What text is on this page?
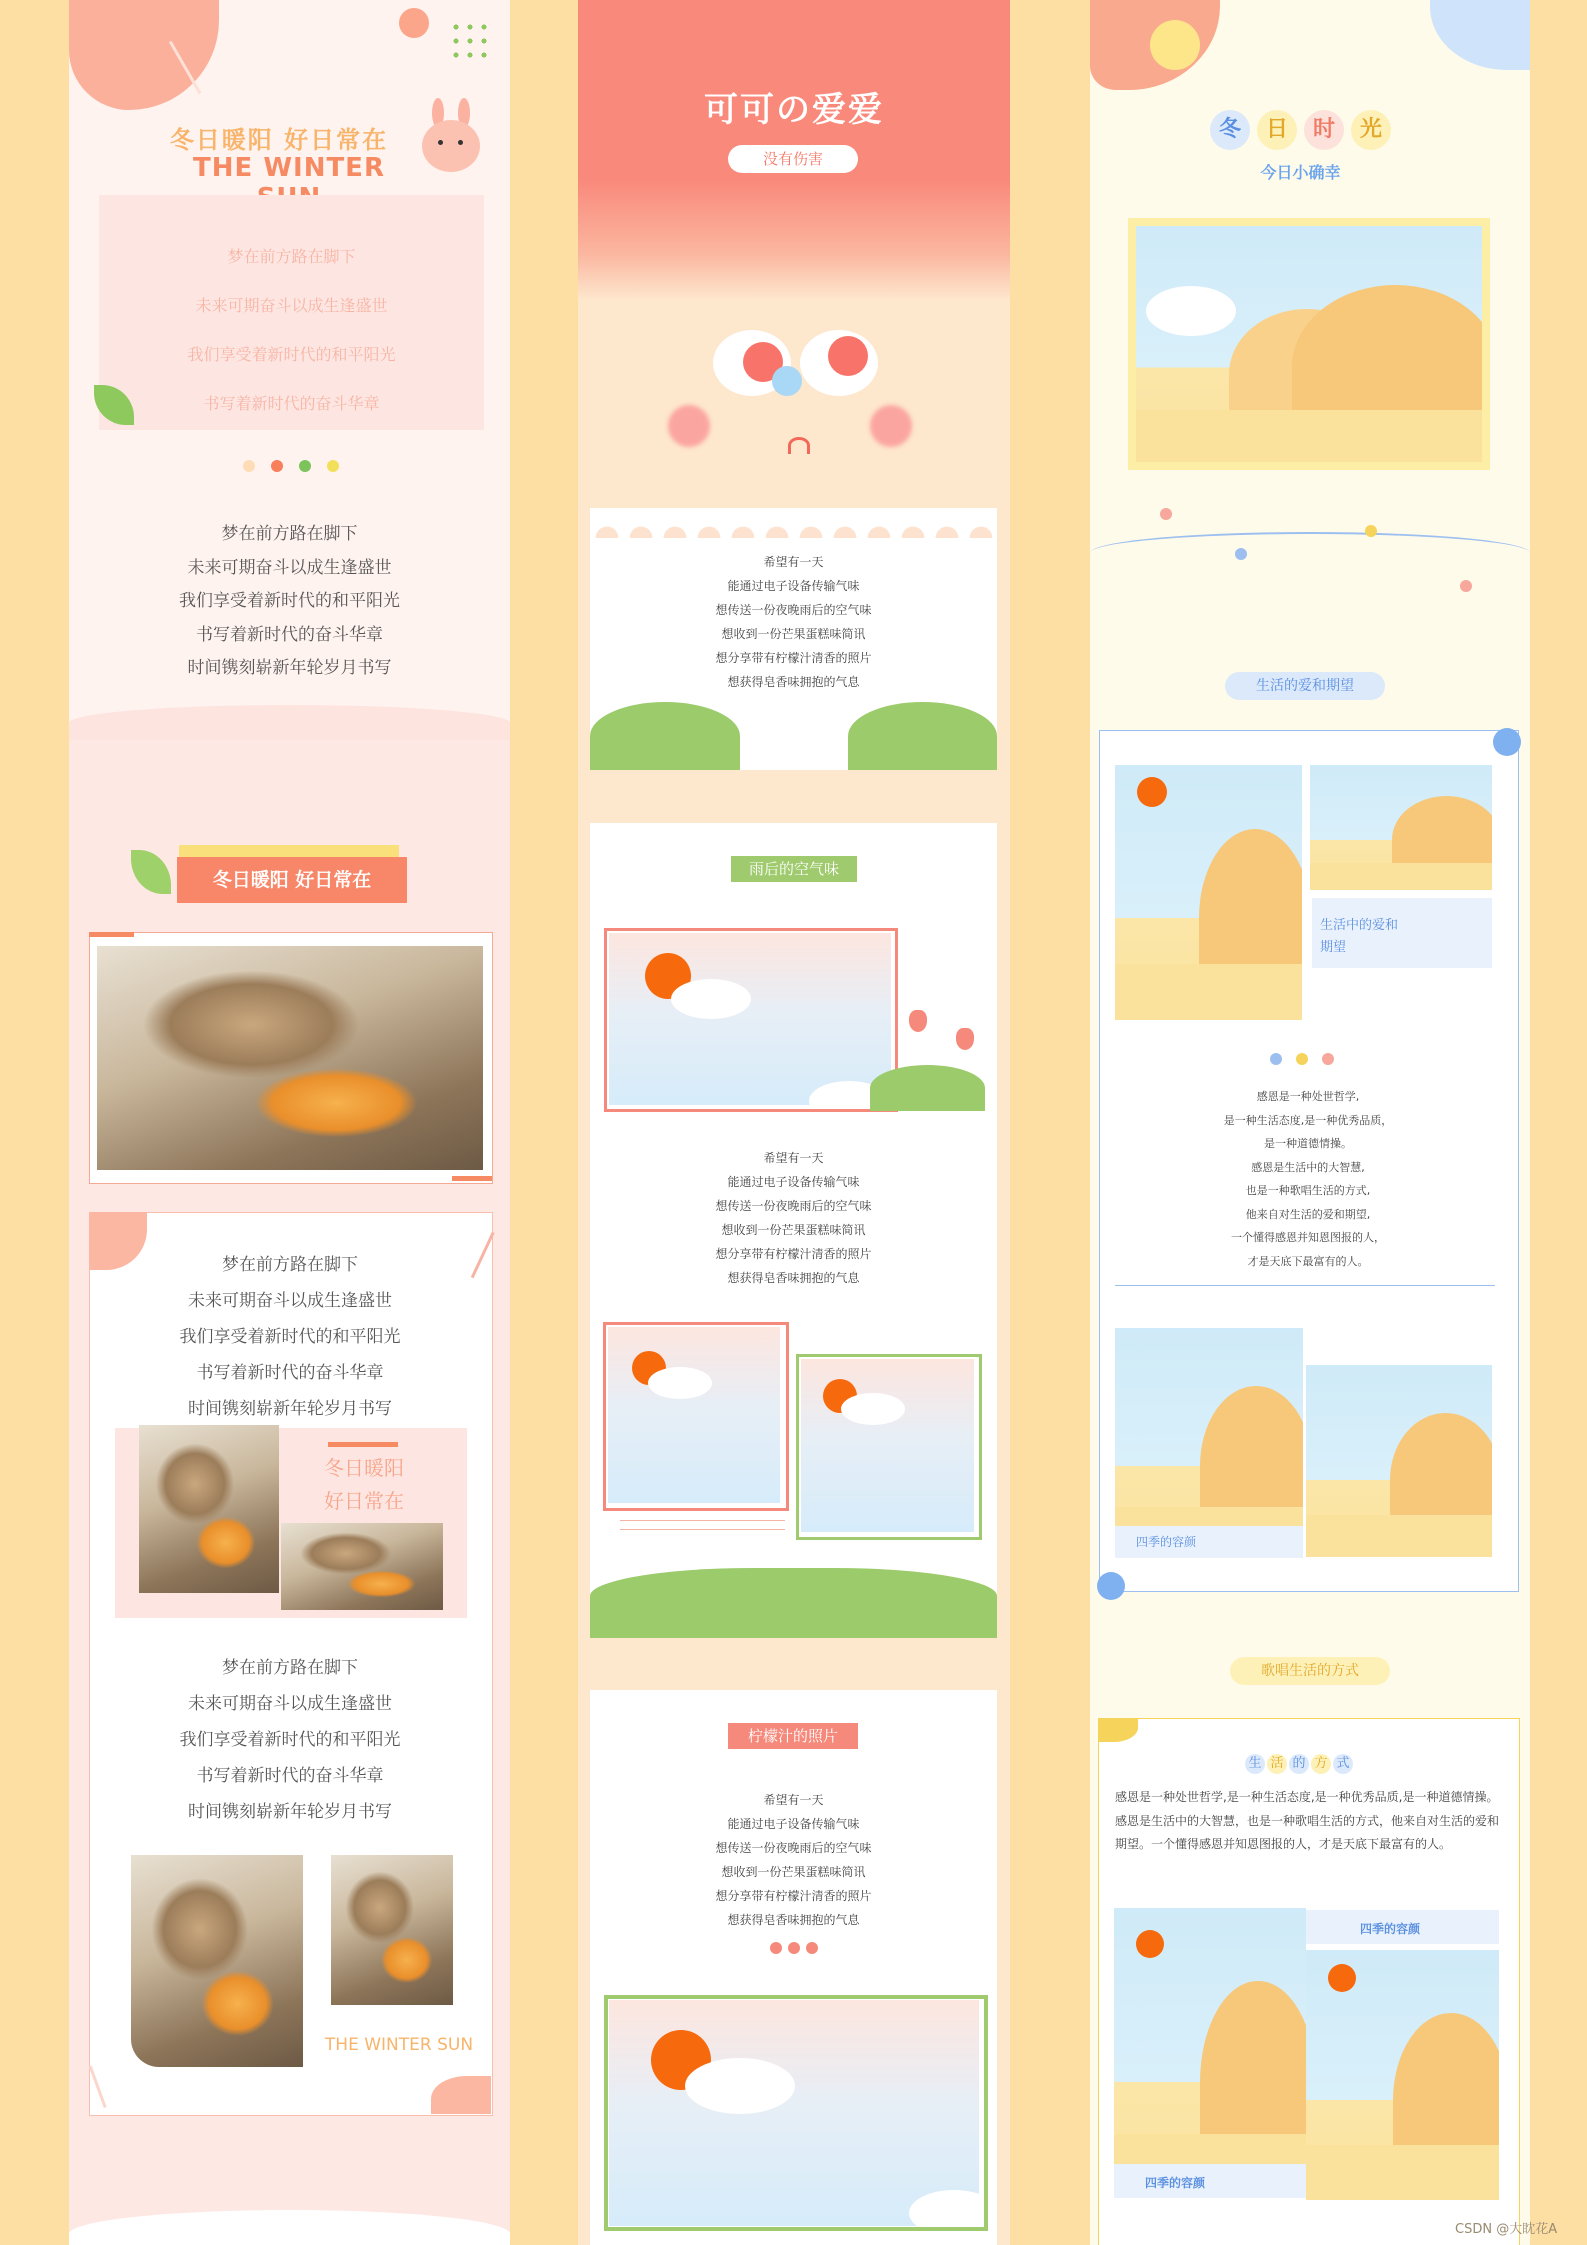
冬日暖阳 好日常在
THE WINTER
梦在前方路在脚下
未来可期奋斗以成生逢盛世
我们享受着新时代的和平阳光
书写着新时代的奋斗华章
梦在前方路在脚下
未来可期奋斗以成生逢盛世
我们享受着新时代的和平阳光
书写着新时代的奋斗华章
时间镌刻崭新年轮岁月书写
冬日暖阳 好日常在
梦在前方路在脚下
未来可期奋斗以成生逢盛世
我们享受着新时代的和平阳光
书写着新时代的奋斗华章
时间镌刻崭新年轮岁月书写
冬日暖阳
好日常在
梦在前方路在脚下
未来可期奋斗以成生逢盛世
我们享受着新时代的和平阳光
书写着新时代的奋斗华章
时间镌刻崭新年轮岁月书写
THE WINTER SUN
可可の爱爱
没有伤害
希望有一天
能通过电子设备传输气味
想传送一份夜晚雨后的空气味
想收到一份芒果蛋糕味简讯
想分享带有柠檬汁清香的照片
想获得皂香味拥抱的气息
雨后的空气味
希望有一天
能通过电子设备传输气味
想传送一份夜晚雨后的空气味
想收到一份芒果蛋糕味简讯
想分享带有柠檬汁清香的照片
想获得皂香味拥抱的气息
柠檬汁的照片
希望有一天
能通过电子设备传输气味
想传送一份夜晚雨后的空气味
想收到一份芒果蛋糕味简讯
想分享带有柠檬汁清香的照片
想获得皂香味拥抱的气息
冬	日	时	光
今日小确幸
生活的爱和期望
生活中的爱和期望
感恩是一种处世哲学,
是一种生活态度,是一种优秀品质，
是一种道德情操。
感恩是生活中的大智慧,
也是一种歌唱生活的方式,
他来自对生活的爱和期望,
一个懂得感恩并知恩图报的人，
才是天底下最富有的人。
四季的容颜
歌唱生活的方式
生 活 的 方 式
感恩是一种处世哲学,是一种生活态度,是一种优秀品质,是一种道德情操。感恩是生活中的大智慧，也是一种歌唱生活的方式，他来自对生活的爱和期望。一个懂得感恩并知恩图报的人，才是天底下最富有的人。
四季的容颜
四季的容颜
CSDN @大眈花A
